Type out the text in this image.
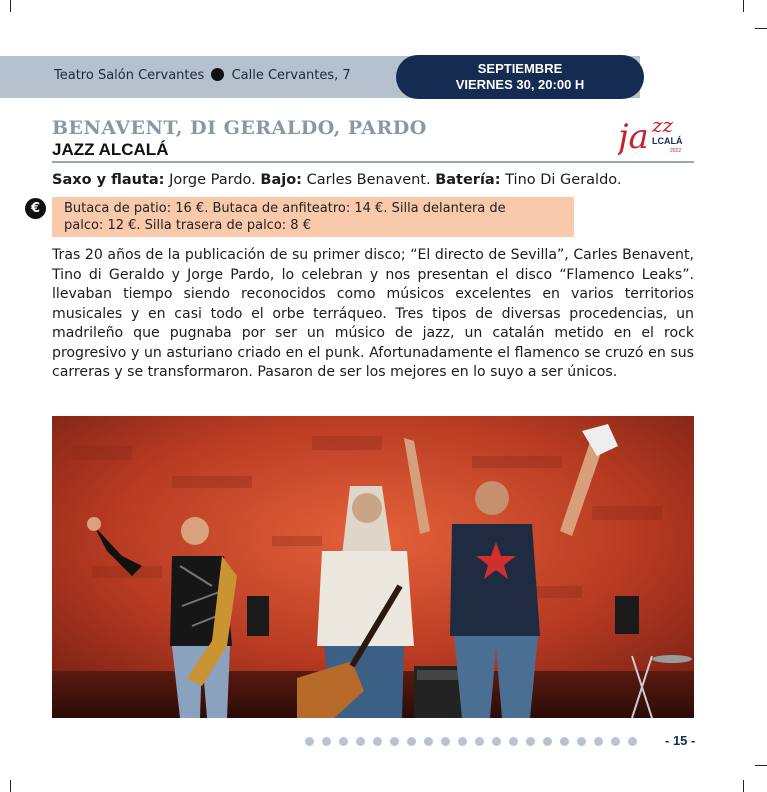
Teatro Salón Cervantes Calle Cervantes, 7	SEPTIEMBRE
VIERNES 30, 20:00 H
BENAVENT, DI GERALDO, PARDO
JAZZ ALCALÁ	ja zz
LCALÁ
2022
Saxo y flauta: Jorge Pardo. Bajo: Carles Benavent. Batería: Tino Di Geraldo.
€	Butaca de patio: 16 €. Butaca de anfiteatro: 14 €. Silla delantera de
palco: 12 €. Silla trasera de palco: 8 €
Tras 20 años de la publicación de su primer disco; “El directo de Sevilla”, Carles Benavent, Tino di Geraldo y Jorge Pardo, lo celebran y nos presentan el disco “Flamenco Leaks”. llevaban tiempo siendo reconocidos como músicos excelentes en varios territorios musicales y en casi todo el orbe terráqueo. Tres tipos de diversas procedencias, un madrileño que pugnaba por ser un músico de jazz, un catalán metido en el rock progresivo y un asturiano criado en el punk. Afortunadamente el flamenco se cruzó en sus carreras y se transformaron. Pasaron de ser los mejores en lo suyo a ser únicos.
- 15 -
